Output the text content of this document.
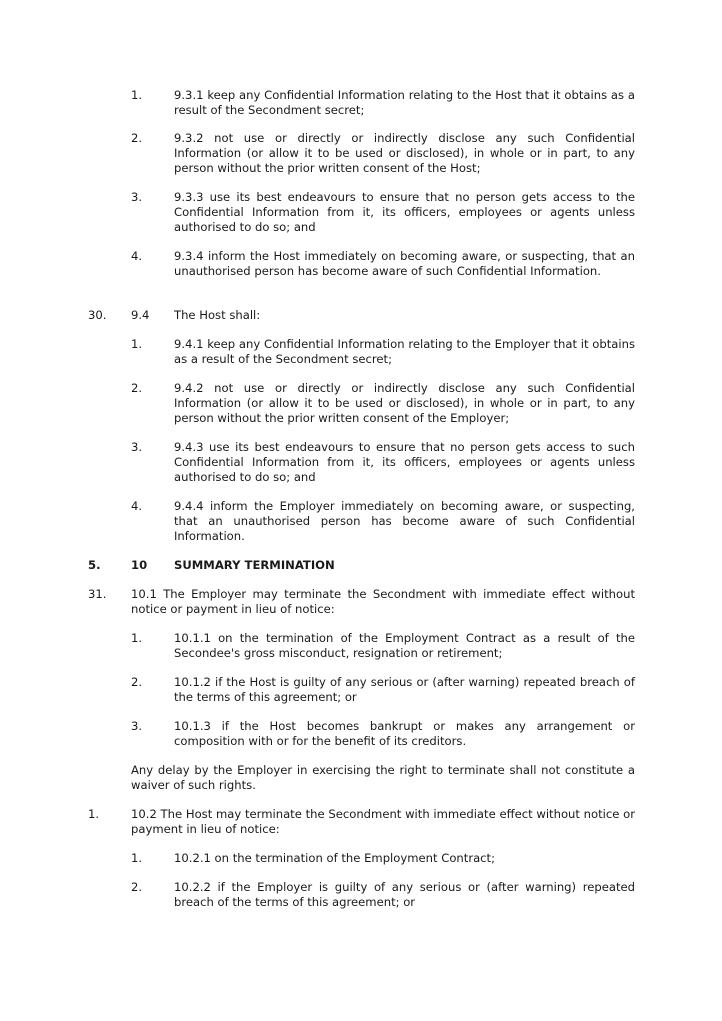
1.	9.3.1 keep any Confidential Information relating to the Host that it obtains as a result of the Secondment secret;
2.	9.3.2 not use or directly or indirectly disclose any such Confidential Information (or allow it to be used or disclosed), in whole or in part, to any person without the prior written consent of the Host;
3.	9.3.3 use its best endeavours to ensure that no person gets access to the Confidential Information from it, its officers, employees or agents unless authorised to do so; and
4.	9.3.4 inform the Host immediately on becoming aware, or suspecting, that an unauthorised person has become aware of such Confidential Information.
30. 9.4 The Host shall:
1.	9.4.1 keep any Confidential Information relating to the Employer that it obtains as a result of the Secondment secret;
2.	9.4.2 not use or directly or indirectly disclose any such Confidential Information (or allow it to be used or disclosed), in whole or in part, to any person without the prior written consent of the Employer;
3.	9.4.3 use its best endeavours to ensure that no person gets access to such Confidential Information from it, its officers, employees or agents unless authorised to do so; and
4.	9.4.4 inform the Employer immediately on becoming aware, or suspecting, that an unauthorised person has become aware of such Confidential Information.
5.	10 SUMMARY TERMINATION
31. 10.1 The Employer may terminate the Secondment with immediate effect without notice or payment in lieu of notice:
1.	10.1.1 on the termination of the Employment Contract as a result of the Secondee's gross misconduct, resignation or retirement;
2.	10.1.2 if the Host is guilty of any serious or (after warning) repeated breach of the terms of this agreement; or
3.	10.1.3 if the Host becomes bankrupt or makes any arrangement or composition with or for the benefit of its creditors.
Any delay by the Employer in exercising the right to terminate shall not constitute a waiver of such rights.
1.	10.2 The Host may terminate the Secondment with immediate effect without notice or payment in lieu of notice:
1.	10.2.1 on the termination of the Employment Contract;
2.	10.2.2 if the Employer is guilty of any serious or (after warning) repeated breach of the terms of this agreement; or
